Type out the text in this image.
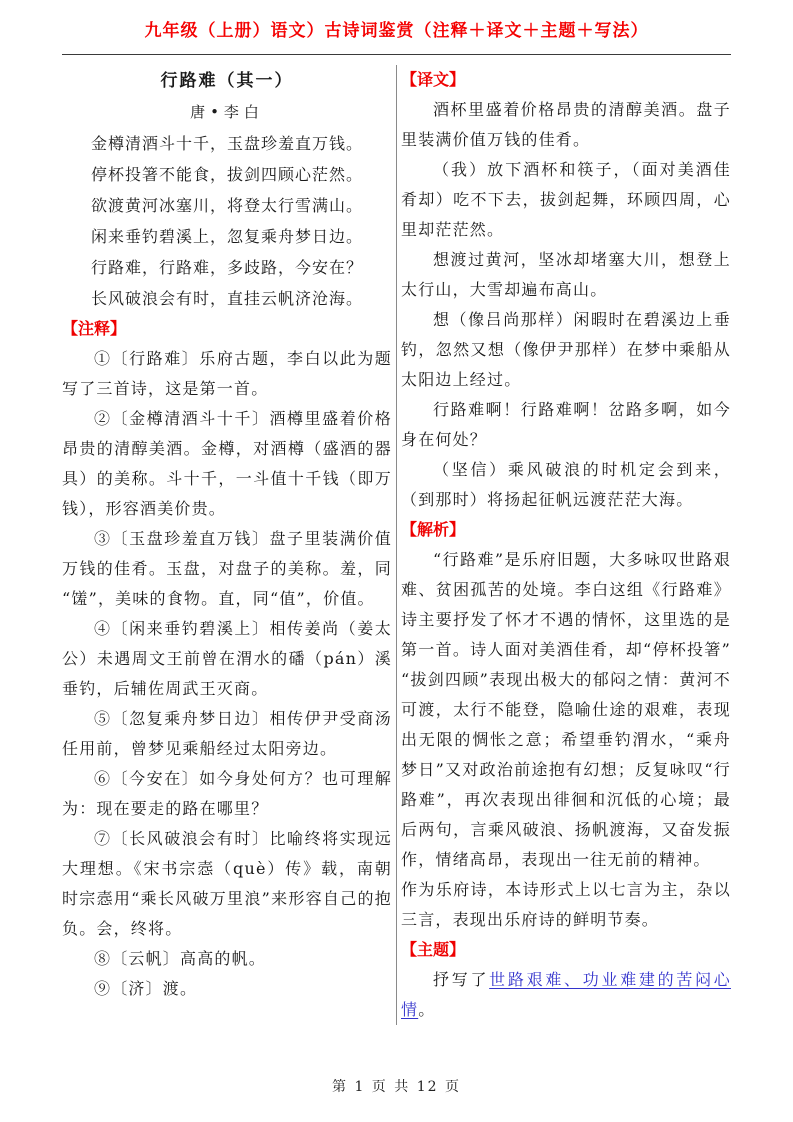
九年级（上册）语文）古诗词鉴赏（注释＋译文＋主题＋写法）
行路难（其一）
唐•李白
金樽清酒斗十千，玉盘珍羞直万钱。
停杯投箸不能食，拔剑四顾心茫然。
欲渡黄河冰塞川，将登太行雪满山。
闲来垂钓碧溪上，忽复乘舟梦日边。
行路难，行路难，多歧路，今安在？
长风破浪会有时，直挂云帆济沧海。
【注释】

①〔行路难〕乐府古题，李白以此为题写了三首诗，这是第一首。

②〔金樽清酒斗十千〕酒樽里盛着价格昂贵的清醇美酒。金樽，对酒樽（盛酒的器具）的美称。斗十千，一斗值十千钱（即万钱），形容酒美价贵。

③〔玉盘珍羞直万钱〕盘子里装满价值万钱的佳肴。玉盘，对盘子的美称。羞，同“馐”，美味的食物。直，同“值”，价值。

④〔闲来垂钓碧溪上〕相传姜尚（姜太公）未遇周文王前曾在渭水的磻（pán）溪垂钓，后辅佐周武王灭商。

⑤〔忽复乘舟梦日边〕相传伊尹受商汤任用前，曾梦见乘船经过太阳旁边。

⑥〔今安在〕如今身处何方？也可理解为：现在要走的路在哪里？

⑦〔长风破浪会有时〕比喻终将实现远大理想。《宋书宗悫（què）传》载，南朝时宗悫用“乘长风破万里浪”来形容自己的抱负。会，终将。

⑧〔云帆〕高高的帆。

⑨〔济〕渡。

【译文】

酒杯里盛着价格昂贵的清醇美酒。盘子里装满价值万钱的佳肴。

（我）放下酒杯和筷子，（面对美酒佳肴却）吃不下去，拔剑起舞，环顾四周，心里却茫茫然。

想渡过黄河，坚冰却堵塞大川，想登上太行山，大雪却遍布高山。

想（像吕尚那样）闲暇时在碧溪边上垂钓，忽然又想（像伊尹那样）在梦中乘船从太阳边上经过。

行路难啊！行路难啊！岔路多啊，如今身在何处？

（坚信）乘风破浪的时机定会到来，（到那时）将扬起征帆远渡茫茫大海。

【解析】

“行路难”是乐府旧题，大多咏叹世路艰难、贫困孤苦的处境。李白这组《行路难》诗主要抒发了怀才不遇的情怀，这里选的是第一首。诗人面对美酒佳肴，却“停杯投箸”“拔剑四顾”表现出极大的郁闷之情：黄河不可渡，太行不能登，隐喻仕途的艰难，表现出无限的惆怅之意；希望垂钓渭水，“乘舟梦日”又对政治前途抱有幻想；反复咏叹“行路难”，再次表现出徘徊和沉低的心境；最后两句，言乘风破浪、扬帆渡海，又奋发振作，情绪高昂，表现出一往无前的精神。

作为乐府诗，本诗形式上以七言为主，杂以三言，表现出乐府诗的鲜明节奏。

【主题】

抒写了世路艰难、功业难建的苦闷心情。

第 1 页 共 12 页
